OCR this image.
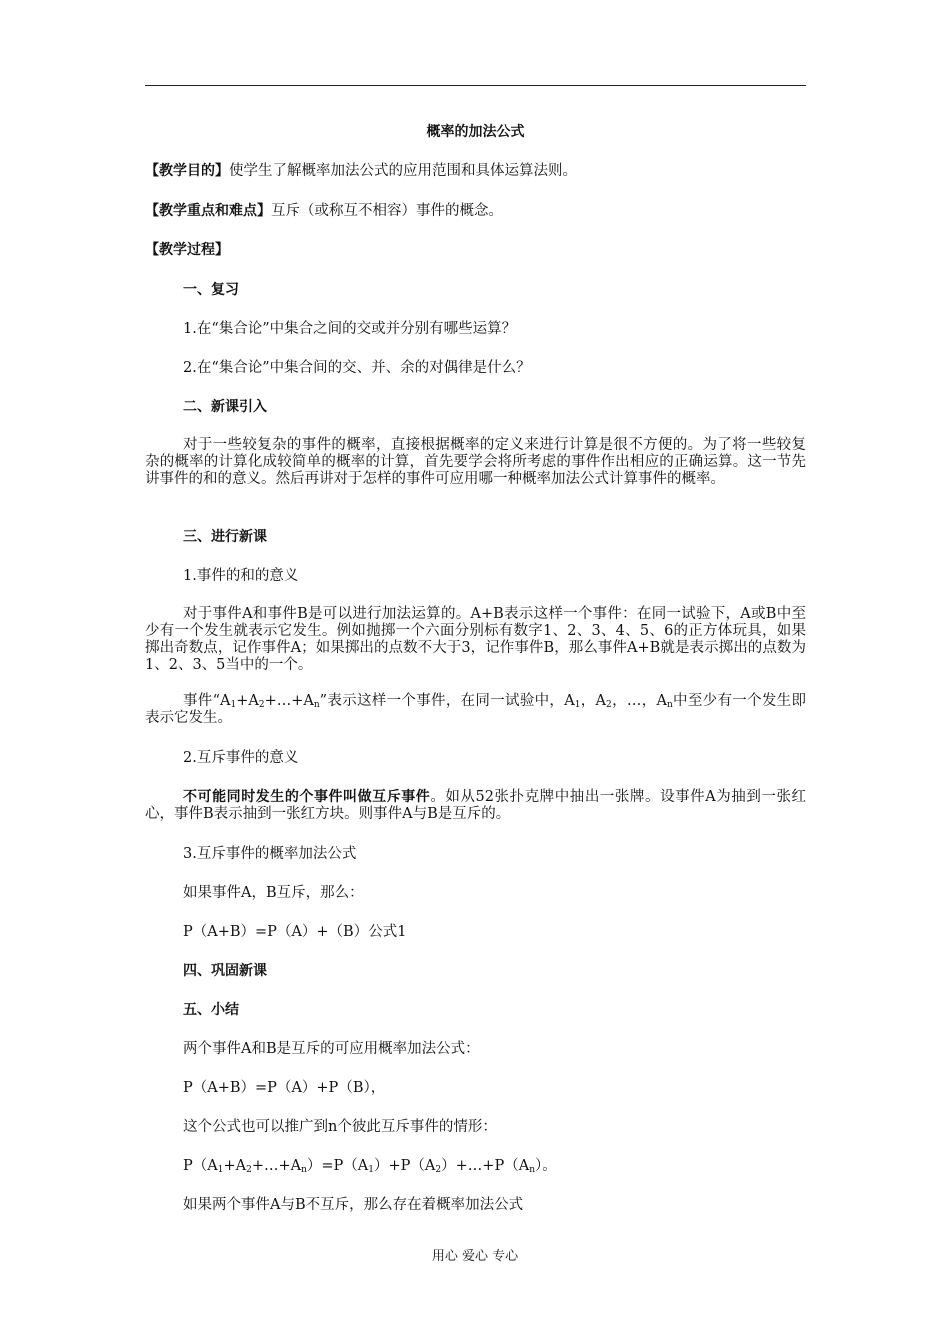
概率的加法公式
【教学目的】使学生了解概率加法公式的应用范围和具体运算法则。
【教学重点和难点】互斥（或称互不相容）事件的概念。
【教学过程】
一、复习
1.在“集合论”中集合之间的交或并分别有哪些运算？
2.在“集合论”中集合间的交、并、余的对偶律是什么？
二、新课引入
对于一些较复杂的事件的概率，直接根据概率的定义来进行计算是很不方便的。为了将一些较复杂的概率的计算化成较简单的概率的计算，首先要学会将所考虑的事件作出相应的正确运算。这一节先讲事件的和的意义。然后再讲对于怎样的事件可应用哪一种概率加法公式计算事件的概率。
三、进行新课
1.事件的和的意义
对于事件A和事件B是可以进行加法运算的。A+B表示这样一个事件：在同一试验下，A或B中至少有一个发生就表示它发生。例如抛掷一个六面分别标有数字1、2、3、4、5、6的正方体玩具，如果掷出奇数点，记作事件A；如果掷出的点数不大于3，记作事件B，那么事件A+B就是表示掷出的点数为1、2、3、5当中的一个。
事件“$A_1+A_2+\dots+A_n$”表示这样一个事件，在同一试验中，$A_1$，$A_2$，…，$A_n$中至少有一个发生即表示它发生。
2.互斥事件的意义
不可能同时发生的个事件叫做互斥事件。如从52张扑克牌中抽出一张牌。设事件A为抽到一张红心，事件B表示抽到一张红方块。则事件A与B是互斥的。
3.互斥事件的概率加法公式
如果事件A，B互斥，那么：
P（A+B）=P（A）+（B）公式1
四、巩固新课
五、小结
两个事件A和B是互斥的可应用概率加法公式：
P（A+B）=P（A）+P（B），
这个公式也可以推广到n个彼此互斥事件的情形：
$P(A_1+A_2+\dots+A_n)=P(A_1)+P(A_2)+\dots+P(A_n)$。
如果两个事件A与B不互斥，那么存在着概率加法公式
用心 爱心 专心
